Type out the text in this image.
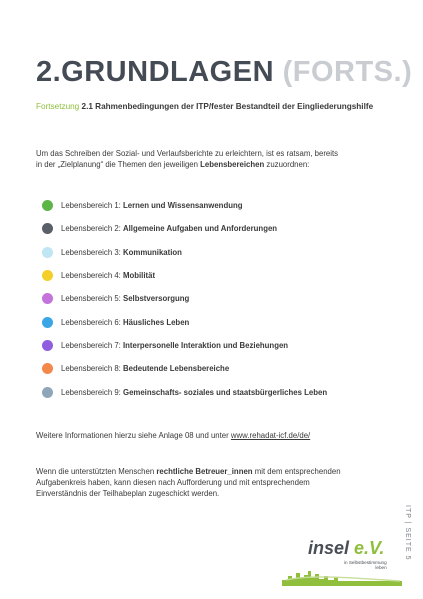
2.GRUNDLAGEN (FORTS.)
Fortsetzung 2.1 Rahmenbedingungen der ITP/fester Bestandteil der Eingliederungshilfe
Um das Schreiben der Sozial- und Verlaufsberichte zu erleichtern, ist es ratsam, bereits
in der „Zielplanung“ die Themen den jeweiligen Lebensbereichen zuzuordnen:
Lebensbereich 1: Lernen und Wissensanwendung
Lebensbereich 2: Allgemeine Aufgaben und Anforderungen
Lebensbereich 3: Kommunikation
Lebensbereich 4: Mobilität
Lebensbereich 5: Selbstversorgung
Lebensbereich 6: Häusliches Leben
Lebensbereich 7: Interpersonelle Interaktion und Beziehungen
Lebensbereich 8: Bedeutende Lebensbereiche
Lebensbereich 9: Gemeinschafts- soziales und staatsbürgerliches Leben
Weitere Informationen hierzu siehe Anlage 08 und unter www.rehadat-icf.de/de/
Wenn die unterstützten Menschen rechtliche Betreuer_innen mit dem entsprechenden
Aufgabenkreis haben, kann diesen nach Aufforderung und mit entsprechendem
Einverständnis der Teilhabeplan zugeschickt werden.
ITP | SEITE 5
insel e.V.
in Selbstbestimmung
leben
